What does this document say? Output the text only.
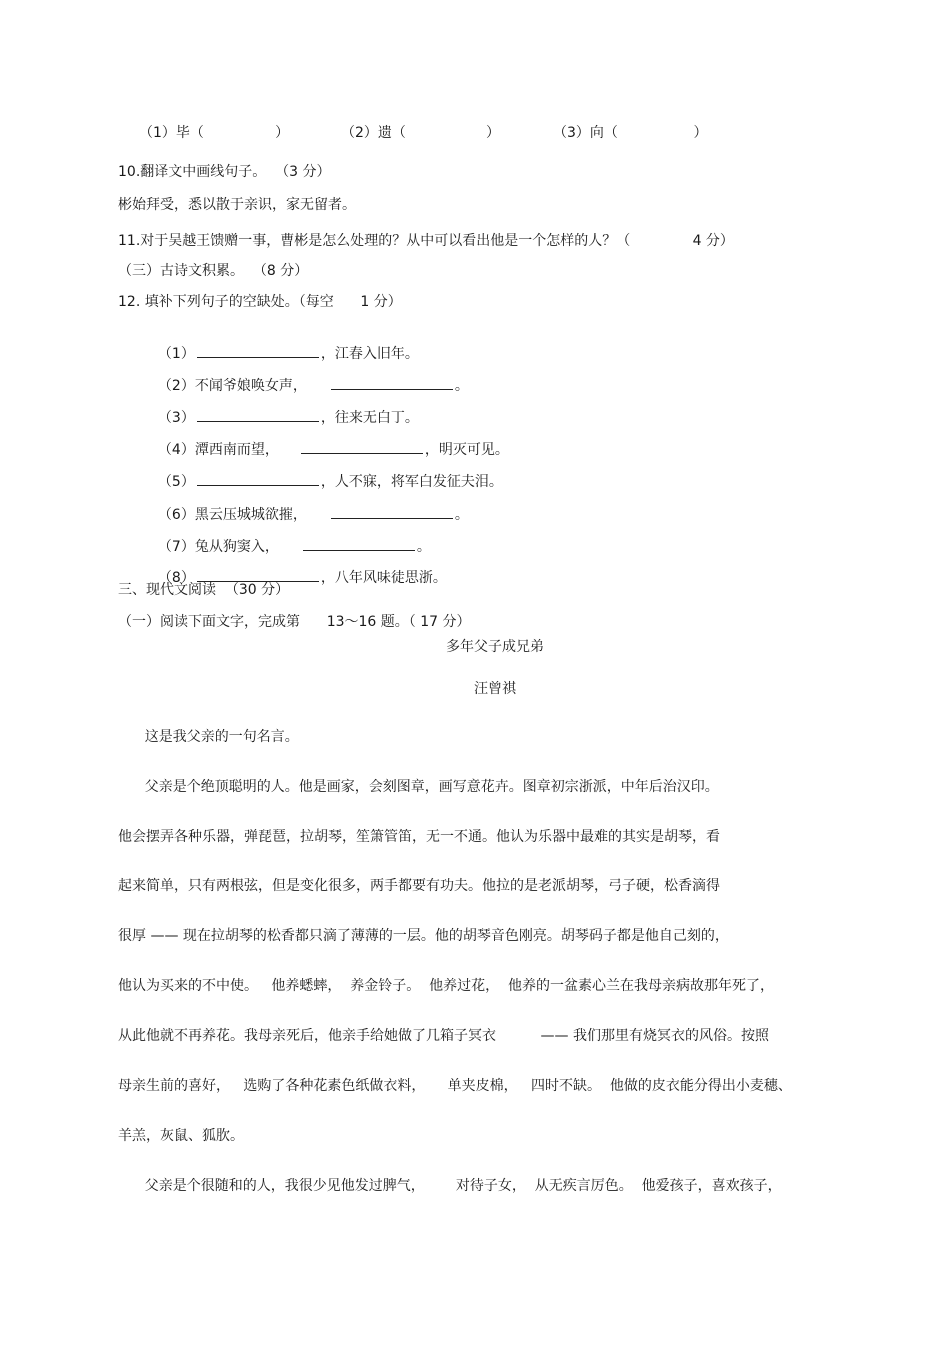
（1）毕（                ）	（2）遗（                  ）	（3）向（                 ）
10.翻译文中画线句子。  （3 分）
彬始拜受，悉以散于亲识，家无留者。
11.对于吴越王馈赠一事，曹彬是怎么处理的？从中可以看出他是一个怎样的人？（              4 分）
（三）古诗文积累。  （8 分）
12. 填补下列句子的空缺处。（每空      1 分）

（1）	，江春入旧年。

（2）不闻爷娘唤女声，	。

（3）	，往来无白丁。

（4）潭西南而望，	，明灭可见。

（5）	，人不寐，将军白发征夫泪。

（6）黑云压城城欲摧，	。

（7）兔从狗窦入，	。

（8）	，八年风味徒思浙。

三、现代文阅读  （30 分）
（一）阅读下面文字，完成第      13～16 题。（ 17 分）
多年父子成兄弟
汪曾祺
这是我父亲的一句名言。
父亲是个绝顶聪明的人。他是画家，会刻图章，画写意花卉。图章初宗浙派，中年后治汉印。
他会摆弄各种乐器，弹琵琶，拉胡琴，笙箫管笛，无一不通。他认为乐器中最难的其实是胡琴，看
起来简单，只有两根弦，但是变化很多，两手都要有功夫。他拉的是老派胡琴，弓子硬，松香滴得
很厚 —— 现在拉胡琴的松香都只滴了薄薄的一层。他的胡琴音色刚亮。胡琴码子都是他自己刻的，
他认为买来的不中使。   他养蟋蟀，  养金铃子。  他养过花，  他养的一盆素心兰在我母亲病故那年死了，
从此他就不再养花。我母亲死后，他亲手给她做了几箱子冥衣          —— 我们那里有烧冥衣的风俗。按照
母亲生前的喜好，   选购了各种花素色纸做衣料，     单夹皮棉，   四时不缺。  他做的皮衣能分得出小麦穗、
羊羔，灰鼠、狐肷。
父亲是个很随和的人，我很少见他发过脾气，       对待子女，  从无疾言厉色。  他爱孩子，喜欢孩子，
